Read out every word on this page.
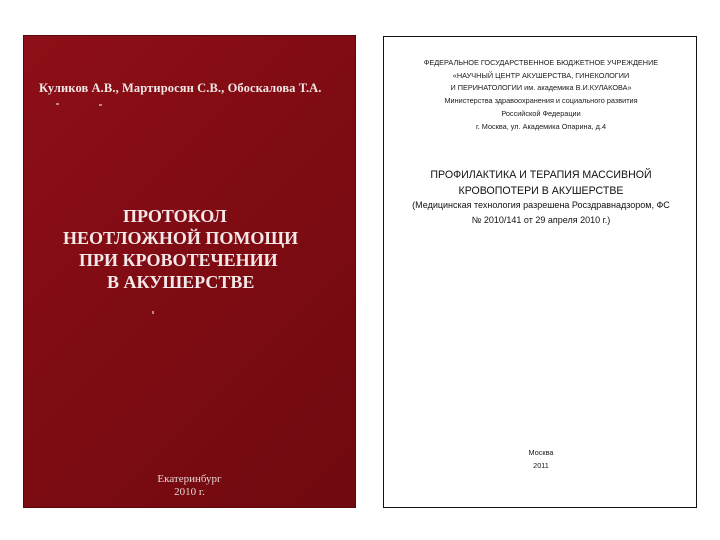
Куликов А.В., Мартиросян С.В., Обоскалова Т.А.
ПРОТОКОЛ
НЕОТЛОЖНОЙ ПОМОЩИ
ПРИ КРОВОТЕЧЕНИИ
В АКУШЕРСТВЕ
Екатеринбург
2010 г.
ФЕДЕРАЛЬНОЕ ГОСУДАРСТВЕННОЕ БЮДЖЕТНОЕ УЧРЕЖДЕНИЕ
«НАУЧНЫЙ ЦЕНТР АКУШЕРСТВА, ГИНЕКОЛОГИИ
И ПЕРИНАТОЛОГИИ им. академика В.И.КУЛАКОВА»
Министерства здравоохранения и социального развития
Российской Федерации
г. Москва, ул. Академика Опарина, д.4
ПРОФИЛАКТИКА И ТЕРАПИЯ МАССИВНОЙ
КРОВОПОТЕРИ В АКУШЕРСТВЕ
(Медицинская технология разрешена Росздравнадзором, ФС
№ 2010/141 от 29 апреля 2010 г.)
Москва
2011
